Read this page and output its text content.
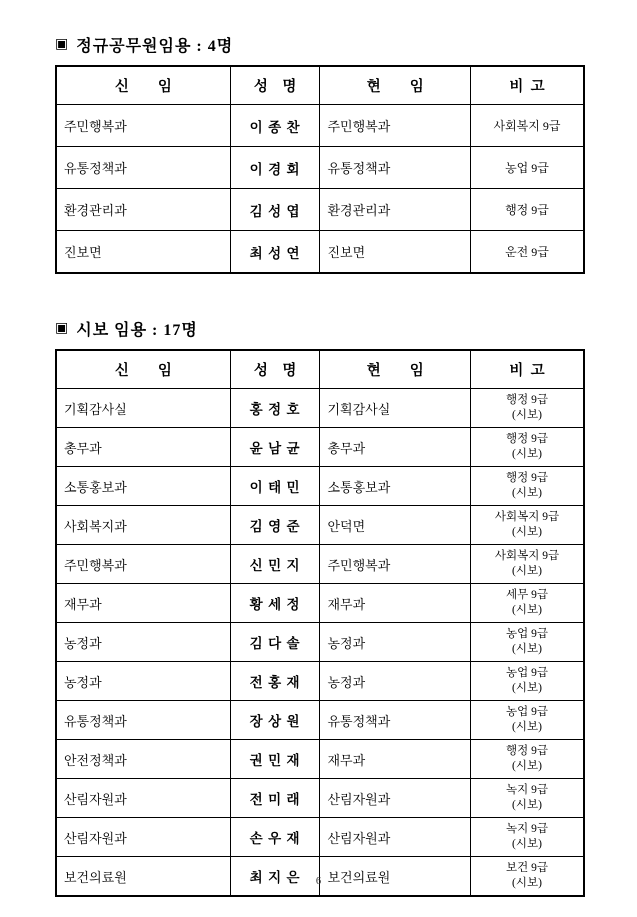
▣ 정규공무원임용 : 4명
신        임	성    명	현        임	비  고
주민행복과	이 종 찬	주민행복과	사회복지 9급
유통정책과	이 경 회	유통정책과	농업 9급
환경관리과	김 성 엽	환경관리과	행정 9급
진보면	최 성 연	진보면	운전 9급
▣ 시보 임용 : 17명
신        임	성    명	현        임	비  고
기획감사실	홍 정 호	기획감사실	행정 9급
(시보)
총무과	윤 남 균	총무과	행정 9급
(시보)
소통홍보과	이 태 민	소통홍보과	행정 9급
(시보)
사회복지과	김 영 준	안덕면	사회복지 9급
(시보)
주민행복과	신 민 지	주민행복과	사회복지 9급
(시보)
재무과	황 세 정	재무과	세무 9급
(시보)
농정과	김 다 솔	농정과	농업 9급
(시보)
농정과	전 홍 재	농정과	농업 9급
(시보)
유통정책과	장 상 원	유통정책과	농업 9급
(시보)
안전정책과	권 민 재	재무과	행정 9급
(시보)
산림자원과	전 미 래	산림자원과	녹지 9급
(시보)
산림자원과	손 우 재	산림자원과	녹지 9급
(시보)
보건의료원	최 지 은	보건의료원	보건 9급
(시보)
6
